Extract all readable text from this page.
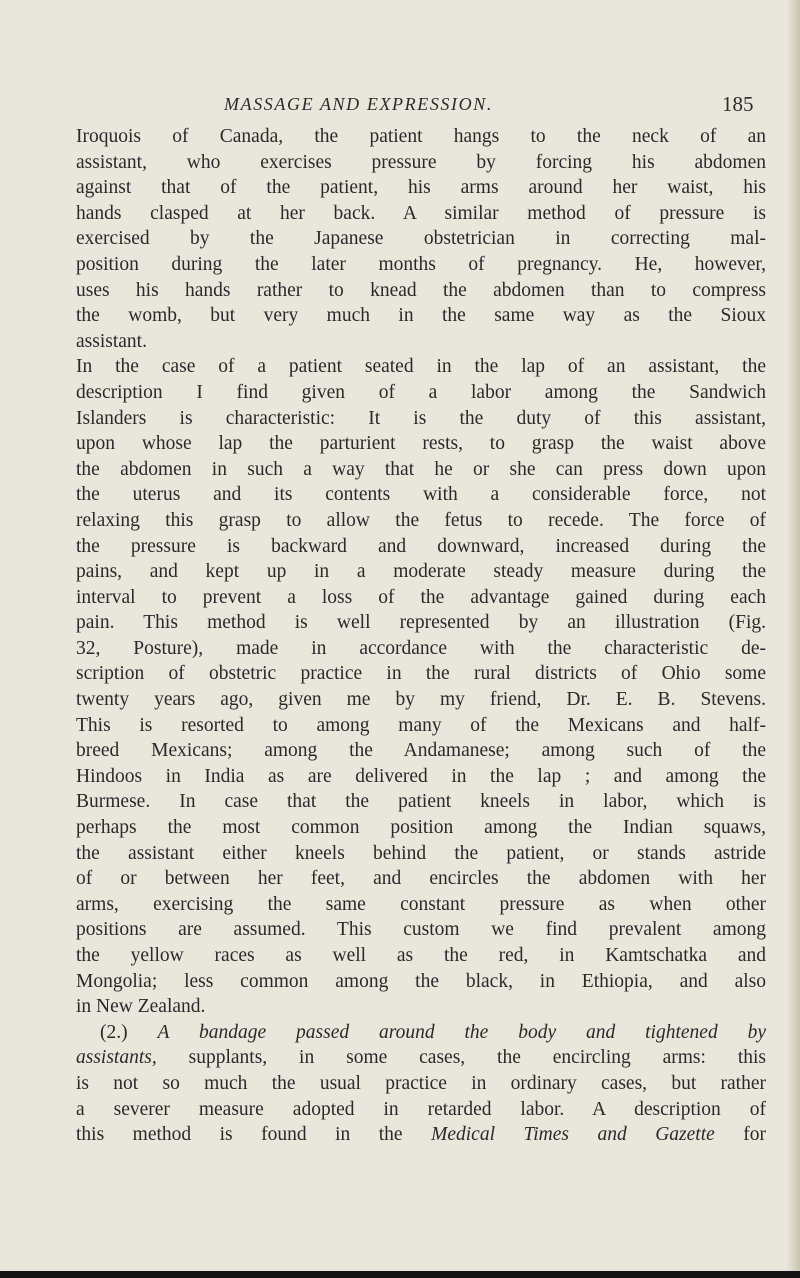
MASSAGE AND EXPRESSION.	185
Iroquois of Canada, the patient hangs to the neck of an
assistant, who exercises pressure by forcing his abdomen
against that of the patient, his arms around her waist, his
hands clasped at her back. A similar method of pressure is
exercised by the Japanese obstetrician in correcting mal-
position during the later months of pregnancy. He, however,
uses his hands rather to knead the abdomen than to compress
the womb, but very much in the same way as the Sioux
assistant.
In the case of a patient seated in the lap of an assistant, the
description I find given of a labor among the Sandwich
Islanders is characteristic: It is the duty of this assistant,
upon whose lap the parturient rests, to grasp the waist above
the abdomen in such a way that he or she can press down upon
the uterus and its contents with a considerable force, not
relaxing this grasp to allow the fetus to recede. The force of
the pressure is backward and downward, increased during the
pains, and kept up in a moderate steady measure during the
interval to prevent a loss of the advantage gained during each
pain. This method is well represented by an illustration (Fig.
32, Posture), made in accordance with the characteristic de-
scription of obstetric practice in the rural districts of Ohio some
twenty years ago, given me by my friend, Dr. E. B. Stevens.
This is resorted to among many of the Mexicans and half-
breed Mexicans; among the Andamanese; among such of the
Hindoos in India as are delivered in the lap ; and among the
Burmese. In case that the patient kneels in labor, which is
perhaps the most common position among the Indian squaws,
the assistant either kneels behind the patient, or stands astride
of or between her feet, and encircles the abdomen with her
arms, exercising the same constant pressure as when other
positions are assumed. This custom we find prevalent among
the yellow races as well as the red, in Kamtschatka and
Mongolia; less common among the black, in Ethiopia, and also
in New Zealand.
(2.) A bandage passed around the body and tightened by
assistants, supplants, in some cases, the encircling arms: this
is not so much the usual practice in ordinary cases, but rather
a severer measure adopted in retarded labor. A description of
this method is found in the Medical Times and Gazette for
